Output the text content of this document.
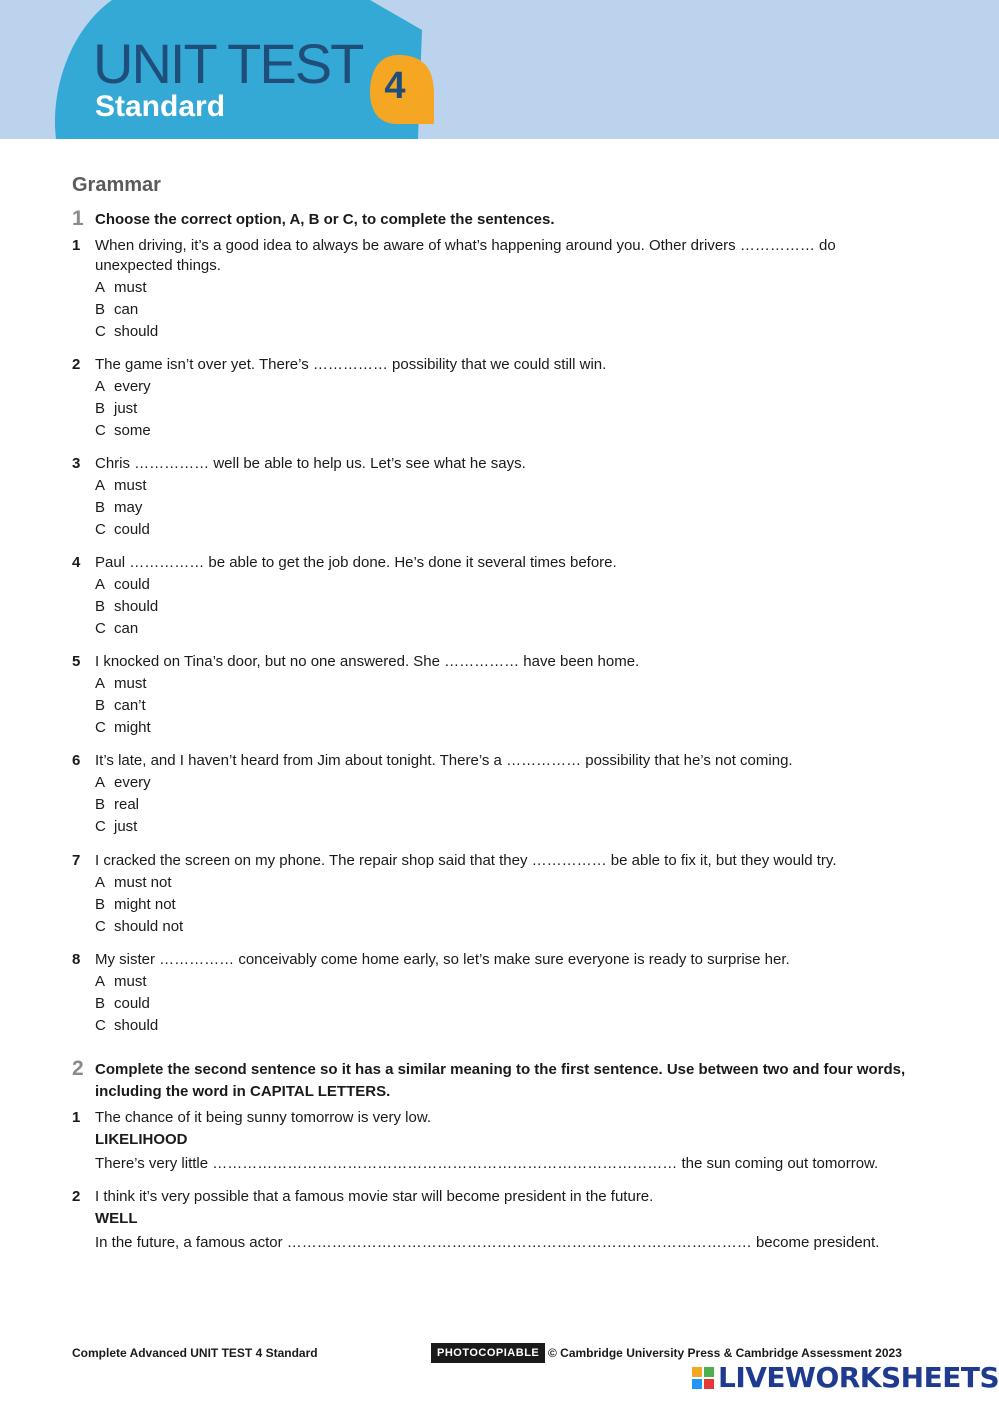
UNIT TEST
Standard	4
Grammar
1 Choose the correct option, A, B or C, to complete the sentences.
1 When driving, it’s a good idea to always be aware of what’s happening around you. Other drivers …………… do unexpected things.
A must
B can
C should
2 The game isn’t over yet. There’s …………… possibility that we could still win.
A every
B just
C some
3 Chris …………… well be able to help us. Let’s see what he says.
A must
B may
C could
4 Paul …………… be able to get the job done. He’s done it several times before.
A could
B should
C can
5 I knocked on Tina’s door, but no one answered. She …………… have been home.
A must
B can’t
C might
6 It’s late, and I haven’t heard from Jim about tonight. There’s a …………… possibility that he’s not coming.
A every
B real
C just
7 I cracked the screen on my phone. The repair shop said that they …………… be able to fix it, but they would try.
A must not
B might not
C should not
8 My sister …………… conceivably come home early, so let’s make sure everyone is ready to surprise her.
A must
B could
C should
2 Complete the second sentence so it has a similar meaning to the first sentence. Use between two and four words, including the word in CAPITAL LETTERS.
1 The chance of it being sunny tomorrow is very low.
LIKELIHOOD
There’s very little ………………………………………………………………………………… the sun coming out tomorrow.
2 I think it’s very possible that a famous movie star will become president in the future.
WELL
In the future, a famous actor ………………………………………………………………………………… become president.
Complete Advanced UNIT TEST 4 Standard	PHOTOCOPIABLE © Cambridge University Press & Cambridge Assessment 2023
LIVEWORKSHEETS
